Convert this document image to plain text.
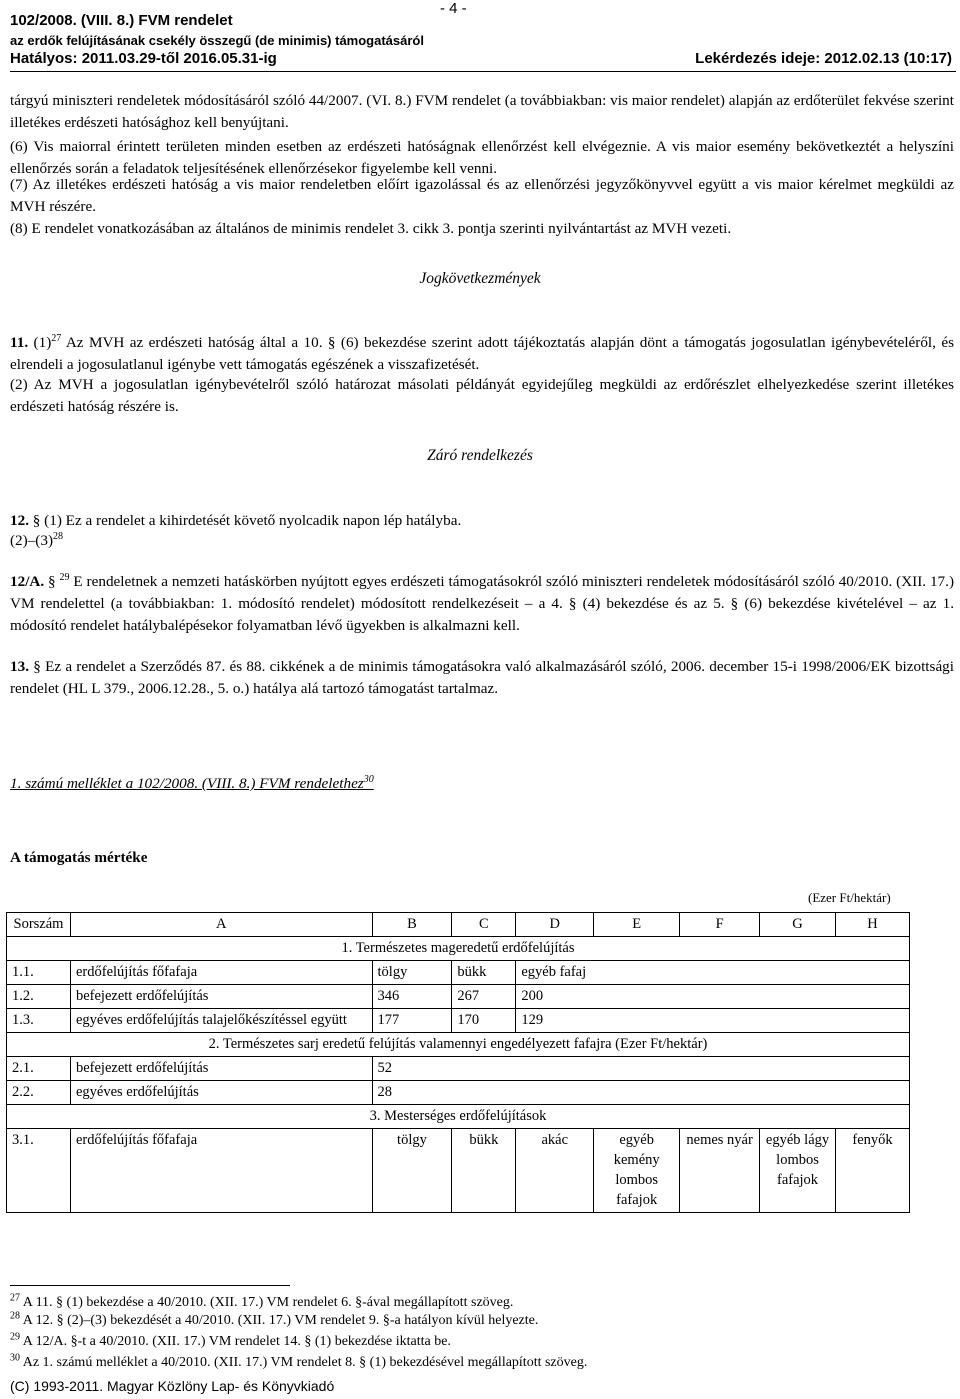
- 4 -
102/2008. (VIII. 8.) FVM rendelet
az erdők felújításának csekély összegű (de minimis) támogatásáról
Hatályos: 2011.03.29-től 2016.05.31-ig	Lekérdezés ideje: 2012.02.13 (10:17)
tárgyú miniszteri rendeletek módosításáról szóló 44/2007. (VI. 8.) FVM rendelet (a továbbiakban: vis maior rendelet) alapján az erdőterület fekvése szerint illetékes erdészeti hatósághoz kell benyújtani.
(6) Vis maiorral érintett területen minden esetben az erdészeti hatóságnak ellenőrzést kell elvégeznie. A vis maior esemény bekövetkeztét a helyszíni ellenőrzés során a feladatok teljesítésének ellenőrzésekor figyelembe kell venni.
(7) Az illetékes erdészeti hatóság a vis maior rendeletben előírt igazolással és az ellenőrzési jegyzőkönyvvel együtt a vis maior kérelmet megküldi az MVH részére.
(8) E rendelet vonatkozásában az általános de minimis rendelet 3. cikk 3. pontja szerinti nyilvántartást az MVH vezeti.
Jogkövetkezmények
11. $(1)^{27}$ Az MVH az erdészeti hatóság által a 10. § (6) bekezdése szerint adott tájékoztatás alapján dönt a támogatás jogosulatlan igénybevételéről, és elrendeli a jogosulatlanul igénybe vett támogatás egészének a visszafizetését.
(2) Az MVH a jogosulatlan igénybevételről szóló határozat másolati példányát egyidejűleg megküldi az erdőrészlet elhelyezkedése szerint illetékes erdészeti hatóság részére is.
Záró rendelkezés
12. § (1) Ez a rendelet a kihirdetését követő nyolcadik napon lép hatályba.
$(2)-(3)^{28}$
12/A. § $^{29}$ E rendeletnek a nemzeti hatáskörben nyújtott egyes erdészeti támogatásokról szóló miniszteri rendeletek módosításáról szóló 40/2010. (XII. 17.) VM rendelettel (a továbbiakban: 1. módosító rendelet) módosított rendelkezéseit – a 4. § (4) bekezdése és az 5. § (6) bekezdése kivételével – az 1. módosító rendelet hatálybalépésekor folyamatban lévő ügyekben is alkalmazni kell.
13. § Ez a rendelet a Szerződés 87. és 88. cikkének a de minimis támogatásokra való alkalmazásáról szóló, 2006. december 15-i 1998/2006/EK bizottsági rendelet (HL L 379., 2006.12.28., 5. o.) hatálya alá tartozó támogatást tartalmaz.
1. számú melléklet a 102/2008. (VIII. 8.) FVM rendelethez$^{30}$
A támogatás mértéke
(Ezer Ft/hektár)
Sorszám	A	B	C	D	E	F	G	H
1. Természetes mageredetű erdőfelújítás								
1.1.	erdőfelújítás főfafaja	tölgy	bükk	egyéb fafaj				
1.2.	befejezett erdőfelújítás	346	267	200				
1.3.	egyéves erdőfelújítás talajelőkészítéssel együtt	177	170	129				
2. Természetes sarj eredetű felújítás valamennyi engedélyezett fafajra (Ezer Ft/hektár)								
2.1.	befejezett erdőfelújítás	52						
2.2.	egyéves erdőfelújítás	28						
3. Mesterséges erdőfelújítások								
3.1.	erdőfelújítás főfafaja	tölgy	bükk	akác	egyéb kemény lombos fafajok	nemes nyár	egyéb lágy lombos fafajok	fenyők
$^{27}$ A 11. § (1) bekezdése a 40/2010. (XII. 17.) VM rendelet 6. §-ával megállapított szöveg.
$^{28}$ A 12. § (2)–(3) bekezdését a 40/2010. (XII. 17.) VM rendelet 9. §-a hatályon kívül helyezte.
$^{29}$ A 12/A. §-t a 40/2010. (XII. 17.) VM rendelet 14. § (1) bekezdése iktatta be.
$^{30}$ Az 1. számú melléklet a 40/2010. (XII. 17.) VM rendelet 8. § (1) bekezdésével megállapított szöveg.
(C) 1993-2011. Magyar Közlöny Lap- és Könyvkiadó
